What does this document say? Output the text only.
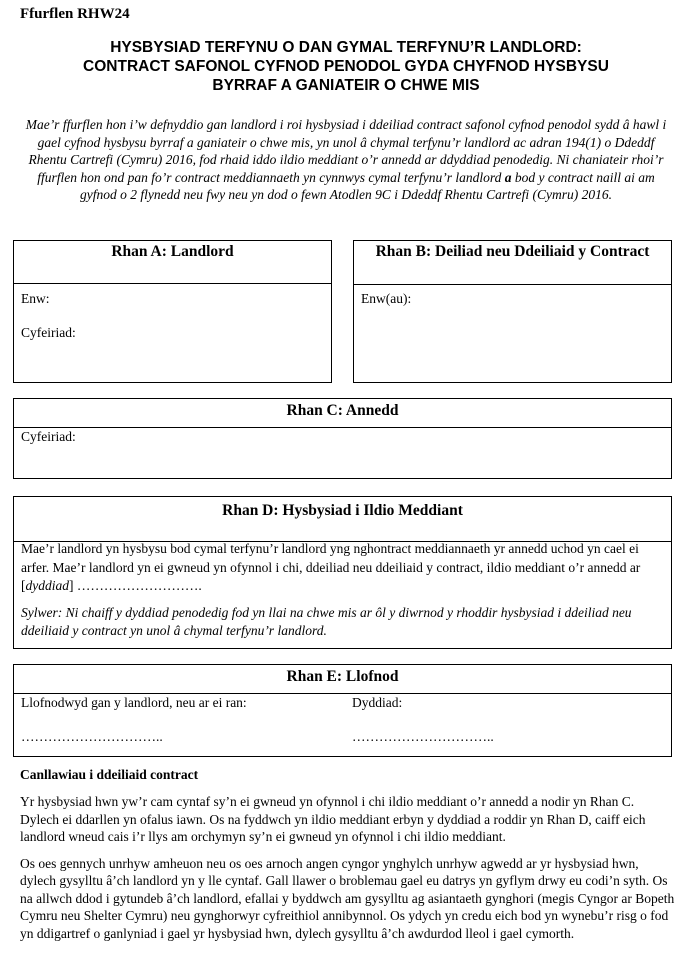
Ffurflen RHW24
HYSBYSIAD TERFYNU O DAN GYMAL TERFYNU’R LANDLORD:
CONTRACT SAFONOL CYFNOD PENODOL GYDA CHYFNOD HYSBYSU
BYRRAF A GANIATEIR O CHWE MIS
Mae’r ffurflen hon i’w defnyddio gan landlord i roi hysbysiad i ddeiliad contract safonol cyfnod penodol sydd â hawl i gael cyfnod hysbysu byrraf a ganiateir o chwe mis, yn unol â chymal terfynu’r landlord ac adran 194(1) o Ddeddf Rhentu Cartrefi (Cymru) 2016, fod rhaid iddo ildio meddiant o’r annedd ar ddyddiad penodedig. Ni chaniateir rhoi’r ffurflen hon ond pan fo’r contract meddiannaeth yn cynnwys cymal terfynu’r landlord a bod y contract naill ai am gyfnod o 2 flynedd neu fwy neu yn dod o fewn Atodlen 9C i Ddeddf Rhentu Cartrefi (Cymru) 2016.
Rhan A: Landlord
Enw:
Cyfeiriad:
Rhan B: Deiliad neu Ddeiliaid y Contract
Enw(au):
Rhan C: Annedd
Cyfeiriad:
Rhan D: Hysbysiad i Ildio Meddiant

Mae’r landlord yn hysbysu bod cymal terfynu’r landlord yng nghontract meddiannaeth yr annedd uchod yn cael ei arfer. Mae’r landlord yn ei gwneud yn ofynnol i chi, ddeiliad neu ddeiliaid y contract, ildio meddiant o’r annedd ar [dyddiad] ……………………….

Sylwer: Ni chaiff y dyddiad penodedig fod yn llai na chwe mis ar ôl y diwrnod y rhoddir hysbysiad i ddeiliad neu ddeiliaid y contract yn unol â chymal terfynu’r landlord.

Rhan E: Llofnod
Llofnodwyd gan y landlord, neu ar ei ran:	Dyddiad:
…………………………..	…………………………..
Canllawiau i ddeiliaid contract

Yr hysbysiad hwn yw’r cam cyntaf sy’n ei gwneud yn ofynnol i chi ildio meddiant o’r annedd a nodir yn Rhan C. Dylech ei ddarllen yn ofalus iawn. Os na fyddwch yn ildio meddiant erbyn y dyddiad a roddir yn Rhan D, caiff eich landlord wneud cais i’r llys am orchymyn sy’n ei gwneud yn ofynnol i chi ildio meddiant.

Os oes gennych unrhyw amheuon neu os oes arnoch angen cyngor ynghylch unrhyw agwedd ar yr hysbysiad hwn, dylech gysylltu â’ch landlord yn y lle cyntaf. Gall llawer o broblemau gael eu datrys yn gyflym drwy eu codi’n syth. Os na allwch ddod i gytundeb â’ch landlord, efallai y byddwch am gysylltu ag asiantaeth gynghori (megis Cyngor ar Bopeth Cymru neu Shelter Cymru) neu gynghorwyr cyfreithiol annibynnol. Os ydych yn credu eich bod yn wynebu’r risg o fod yn ddigartref o ganlyniad i gael yr hysbysiad hwn, dylech gysylltu â’ch awdurdod lleol i gael cymorth.
